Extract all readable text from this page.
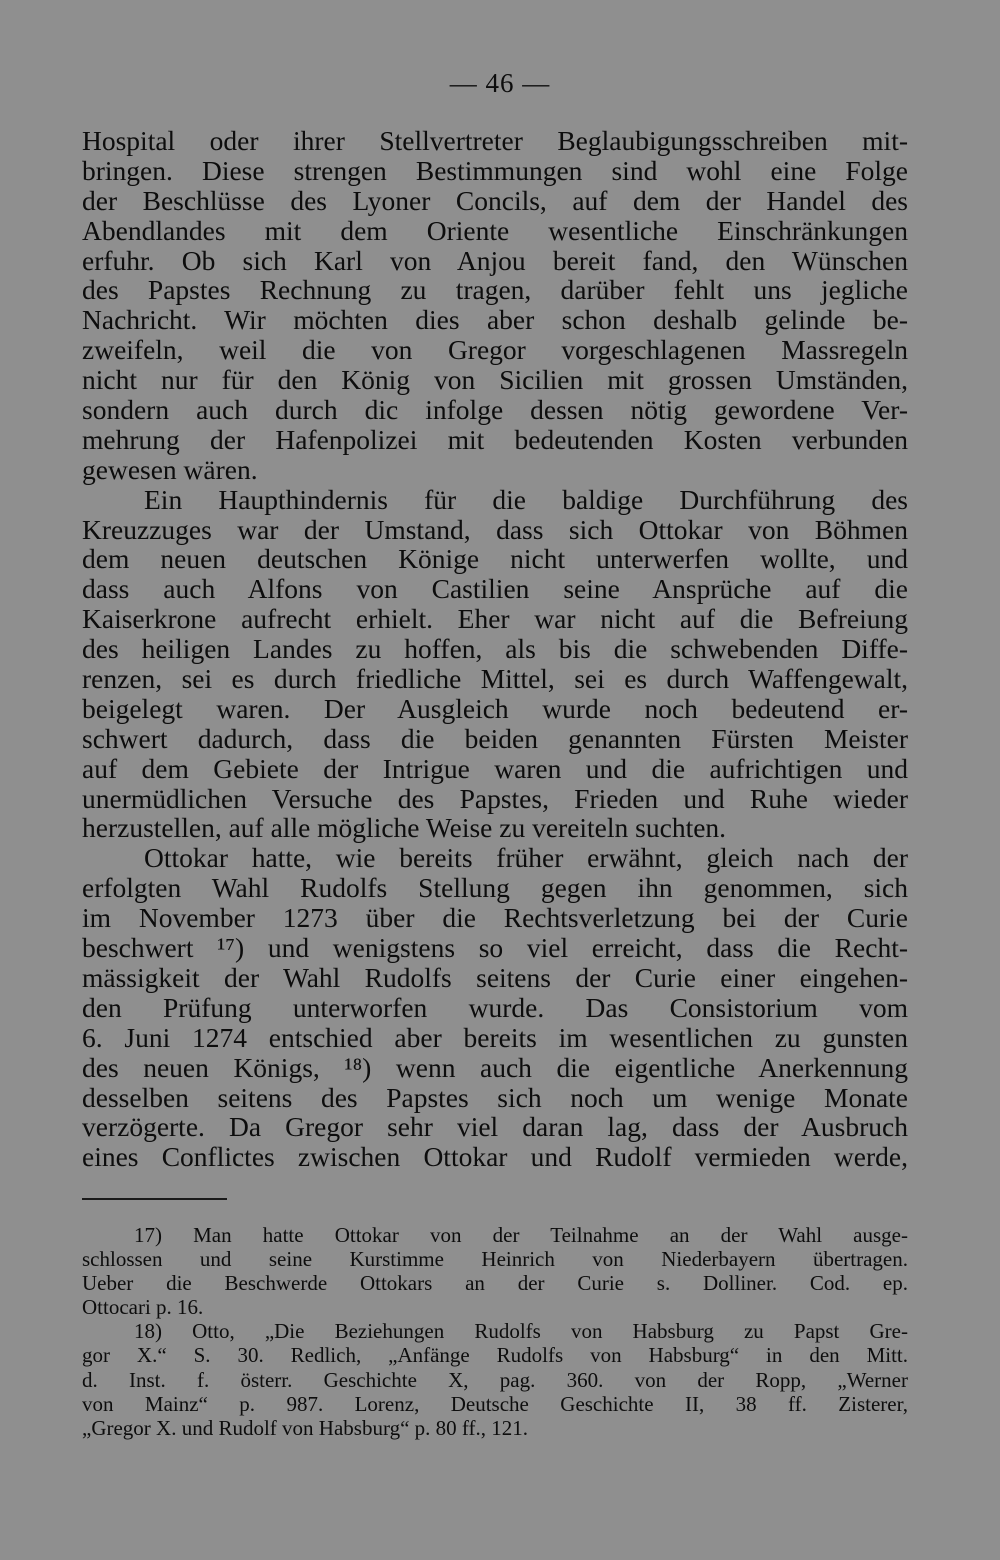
— 46 —
Hospital oder ihrer Stellvertreter Beglaubigungsschreiben mit-
bringen. Diese strengen Bestimmungen sind wohl eine Folge
der Beschlüsse des Lyoner Concils, auf dem der Handel des
Abendlandes mit dem Oriente wesentliche Einschränkungen
erfuhr. Ob sich Karl von Anjou bereit fand, den Wünschen
des Papstes Rechnung zu tragen, darüber fehlt uns jegliche
Nachricht. Wir möchten dies aber schon deshalb gelinde be-
zweifeln, weil die von Gregor vorgeschlagenen Massregeln
nicht nur für den König von Sicilien mit grossen Umständen,
sondern auch durch dic infolge dessen nötig gewordene Ver-
mehrung der Hafenpolizei mit bedeutenden Kosten verbunden
gewesen wären.
Ein Haupthindernis für die baldige Durchführung des
Kreuzzuges war der Umstand, dass sich Ottokar von Böhmen
dem neuen deutschen Könige nicht unterwerfen wollte, und
dass auch Alfons von Castilien seine Ansprüche auf die
Kaiserkrone aufrecht erhielt. Eher war nicht auf die Befreiung
des heiligen Landes zu hoffen, als bis die schwebenden Diffe-
renzen, sei es durch friedliche Mittel, sei es durch Waffengewalt,
beigelegt waren. Der Ausgleich wurde noch bedeutend er-
schwert dadurch, dass die beiden genannten Fürsten Meister
auf dem Gebiete der Intrigue waren und die aufrichtigen und
unermüdlichen Versuche des Papstes, Frieden und Ruhe wieder
herzustellen, auf alle mögliche Weise zu vereiteln suchten.
Ottokar hatte, wie bereits früher erwähnt, gleich nach der
erfolgten Wahl Rudolfs Stellung gegen ihn genommen, sich
im November 1273 über die Rechtsverletzung bei der Curie
beschwert ¹⁷) und wenigstens so viel erreicht, dass die Recht-
mässigkeit der Wahl Rudolfs seitens der Curie einer eingehen-
den Prüfung unterworfen wurde. Das Consistorium vom
6. Juni 1274 entschied aber bereits im wesentlichen zu gunsten
des neuen Königs, ¹⁸) wenn auch die eigentliche Anerkennung
desselben seitens des Papstes sich noch um wenige Monate
verzögerte. Da Gregor sehr viel daran lag, dass der Ausbruch
eines Conflictes zwischen Ottokar und Rudolf vermieden werde,
17) Man hatte Ottokar von der Teilnahme an der Wahl ausge-
schlossen und seine Kurstimme Heinrich von Niederbayern übertragen.
Ueber die Beschwerde Ottokars an der Curie s. Dolliner. Cod. ep.
Ottocari p. 16.
18) Otto, „Die Beziehungen Rudolfs von Habsburg zu Papst Gre-
gor X.“ S. 30. Redlich, „Anfänge Rudolfs von Habsburg“ in den Mitt.
d. Inst. f. österr. Geschichte X, pag. 360. von der Ropp, „Werner
von Mainz“ p. 987. Lorenz, Deutsche Geschichte II, 38 ff. Zisterer,
„Gregor X. und Rudolf von Habsburg“ p. 80 ff., 121.
